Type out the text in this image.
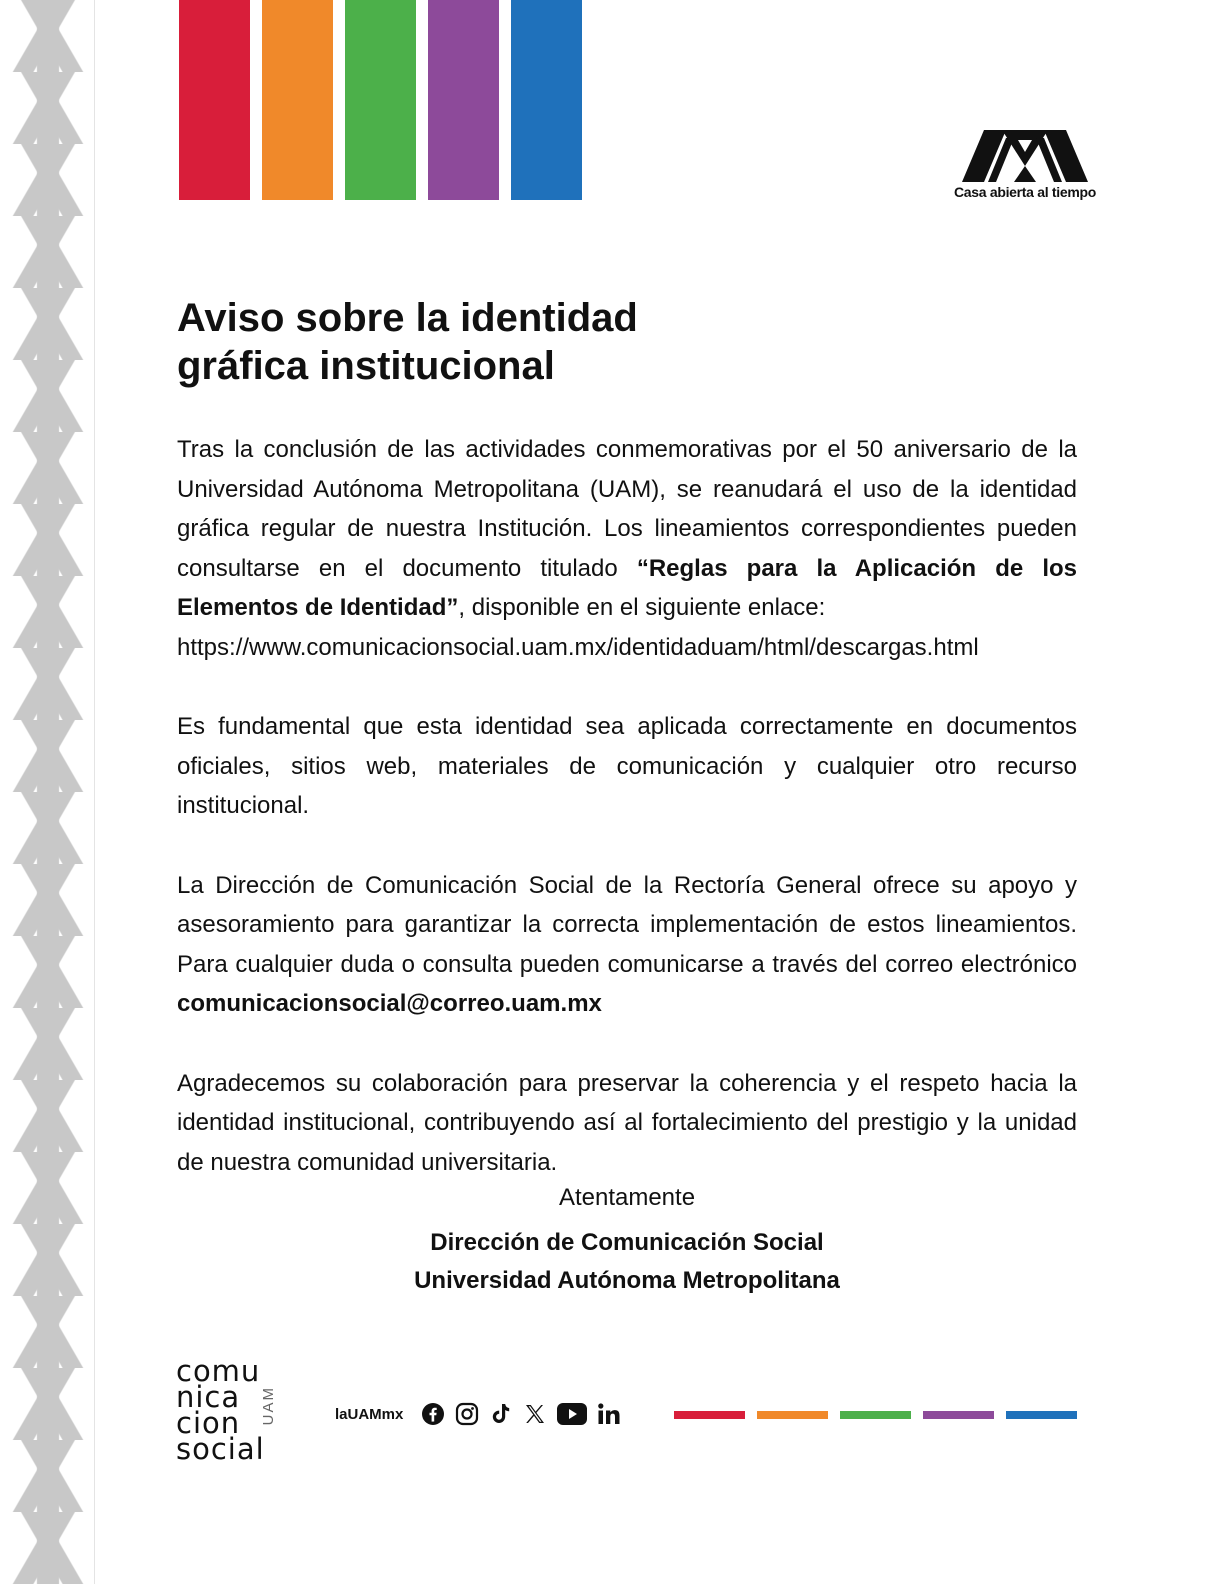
Casa abierta al tiempo
Aviso sobre la identidad
gráfica institucional

Tras la conclusión de las actividades conmemorativas por el 50 aniversario de la Universidad Autónoma Metropolitana (UAM), se reanudará el uso de la identidad gráfica regular de nuestra Institución. Los lineamientos correspondientes pueden consultarse en el documento titulado “Reglas para la Aplicación de los Elementos de Identidad”, disponible en el siguiente enlace:
https://www.comunicacionsocial.uam.mx/identidaduam/html/descargas.html

Es fundamental que esta identidad sea aplicada correctamente en documentos oficiales, sitios web, materiales de comunicación y cualquier otro recurso institucional.

La Dirección de Comunicación Social de la Rectoría General ofrece su apoyo y asesoramiento para garantizar la correcta implementación de estos lineamientos. Para cualquier duda o consulta pueden comunicarse a través del correo electrónico comunicacionsocial@correo.uam.mx

Agradecemos su colaboración para preservar la coherencia y el respeto hacia la identidad institucional, contribuyendo así al fortalecimiento del prestigio y la unidad de nuestra comunidad universitaria.

Atentamente
Dirección de Comunicación Social
Universidad Autónoma Metropolitana
comu
nica
cion
social
UAM	laUAMmx
